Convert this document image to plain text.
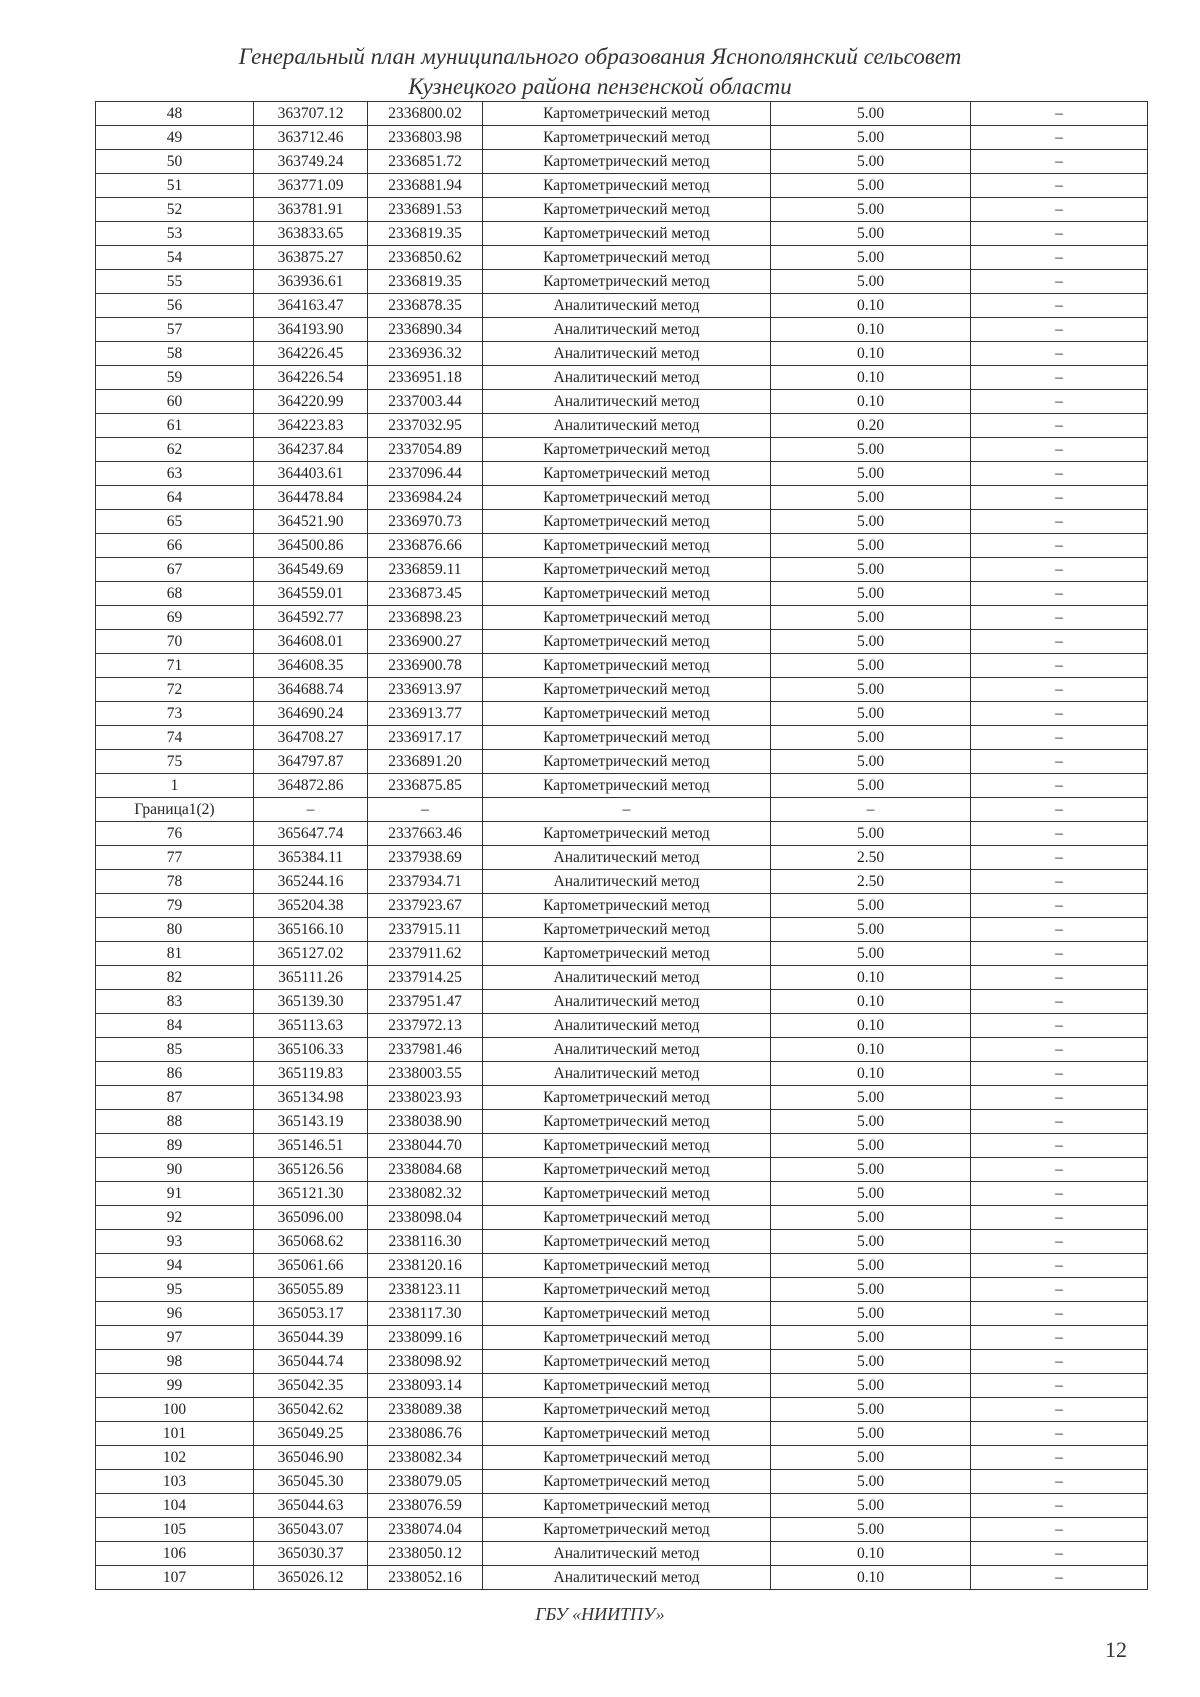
Генеральный план муниципального образования Яснополянский сельсовет
Кузнецкого района пензенской области
48	363707.12	2336800.02	Картометрический метод	5.00	–
49	363712.46	2336803.98	Картометрический метод	5.00	–
50	363749.24	2336851.72	Картометрический метод	5.00	–
51	363771.09	2336881.94	Картометрический метод	5.00	–
52	363781.91	2336891.53	Картометрический метод	5.00	–
53	363833.65	2336819.35	Картометрический метод	5.00	–
54	363875.27	2336850.62	Картометрический метод	5.00	–
55	363936.61	2336819.35	Картометрический метод	5.00	–
56	364163.47	2336878.35	Аналитический метод	0.10	–
57	364193.90	2336890.34	Аналитический метод	0.10	–
58	364226.45	2336936.32	Аналитический метод	0.10	–
59	364226.54	2336951.18	Аналитический метод	0.10	–
60	364220.99	2337003.44	Аналитический метод	0.10	–
61	364223.83	2337032.95	Аналитический метод	0.20	–
62	364237.84	2337054.89	Картометрический метод	5.00	–
63	364403.61	2337096.44	Картометрический метод	5.00	–
64	364478.84	2336984.24	Картометрический метод	5.00	–
65	364521.90	2336970.73	Картометрический метод	5.00	–
66	364500.86	2336876.66	Картометрический метод	5.00	–
67	364549.69	2336859.11	Картометрический метод	5.00	–
68	364559.01	2336873.45	Картометрический метод	5.00	–
69	364592.77	2336898.23	Картометрический метод	5.00	–
70	364608.01	2336900.27	Картометрический метод	5.00	–
71	364608.35	2336900.78	Картометрический метод	5.00	–
72	364688.74	2336913.97	Картометрический метод	5.00	–
73	364690.24	2336913.77	Картометрический метод	5.00	–
74	364708.27	2336917.17	Картометрический метод	5.00	–
75	364797.87	2336891.20	Картометрический метод	5.00	–
1	364872.86	2336875.85	Картометрический метод	5.00	–
Граница1(2)	–	–	–	–	–
76	365647.74	2337663.46	Картометрический метод	5.00	–
77	365384.11	2337938.69	Аналитический метод	2.50	–
78	365244.16	2337934.71	Аналитический метод	2.50	–
79	365204.38	2337923.67	Картометрический метод	5.00	–
80	365166.10	2337915.11	Картометрический метод	5.00	–
81	365127.02	2337911.62	Картометрический метод	5.00	–
82	365111.26	2337914.25	Аналитический метод	0.10	–
83	365139.30	2337951.47	Аналитический метод	0.10	–
84	365113.63	2337972.13	Аналитический метод	0.10	–
85	365106.33	2337981.46	Аналитический метод	0.10	–
86	365119.83	2338003.55	Аналитический метод	0.10	–
87	365134.98	2338023.93	Картометрический метод	5.00	–
88	365143.19	2338038.90	Картометрический метод	5.00	–
89	365146.51	2338044.70	Картометрический метод	5.00	–
90	365126.56	2338084.68	Картометрический метод	5.00	–
91	365121.30	2338082.32	Картометрический метод	5.00	–
92	365096.00	2338098.04	Картометрический метод	5.00	–
93	365068.62	2338116.30	Картометрический метод	5.00	–
94	365061.66	2338120.16	Картометрический метод	5.00	–
95	365055.89	2338123.11	Картометрический метод	5.00	–
96	365053.17	2338117.30	Картометрический метод	5.00	–
97	365044.39	2338099.16	Картометрический метод	5.00	–
98	365044.74	2338098.92	Картометрический метод	5.00	–
99	365042.35	2338093.14	Картометрический метод	5.00	–
100	365042.62	2338089.38	Картометрический метод	5.00	–
101	365049.25	2338086.76	Картометрический метод	5.00	–
102	365046.90	2338082.34	Картометрический метод	5.00	–
103	365045.30	2338079.05	Картометрический метод	5.00	–
104	365044.63	2338076.59	Картометрический метод	5.00	–
105	365043.07	2338074.04	Картометрический метод	5.00	–
106	365030.37	2338050.12	Аналитический метод	0.10	–
107	365026.12	2338052.16	Аналитический метод	0.10	–
ГБУ «НИИТПУ»
12
